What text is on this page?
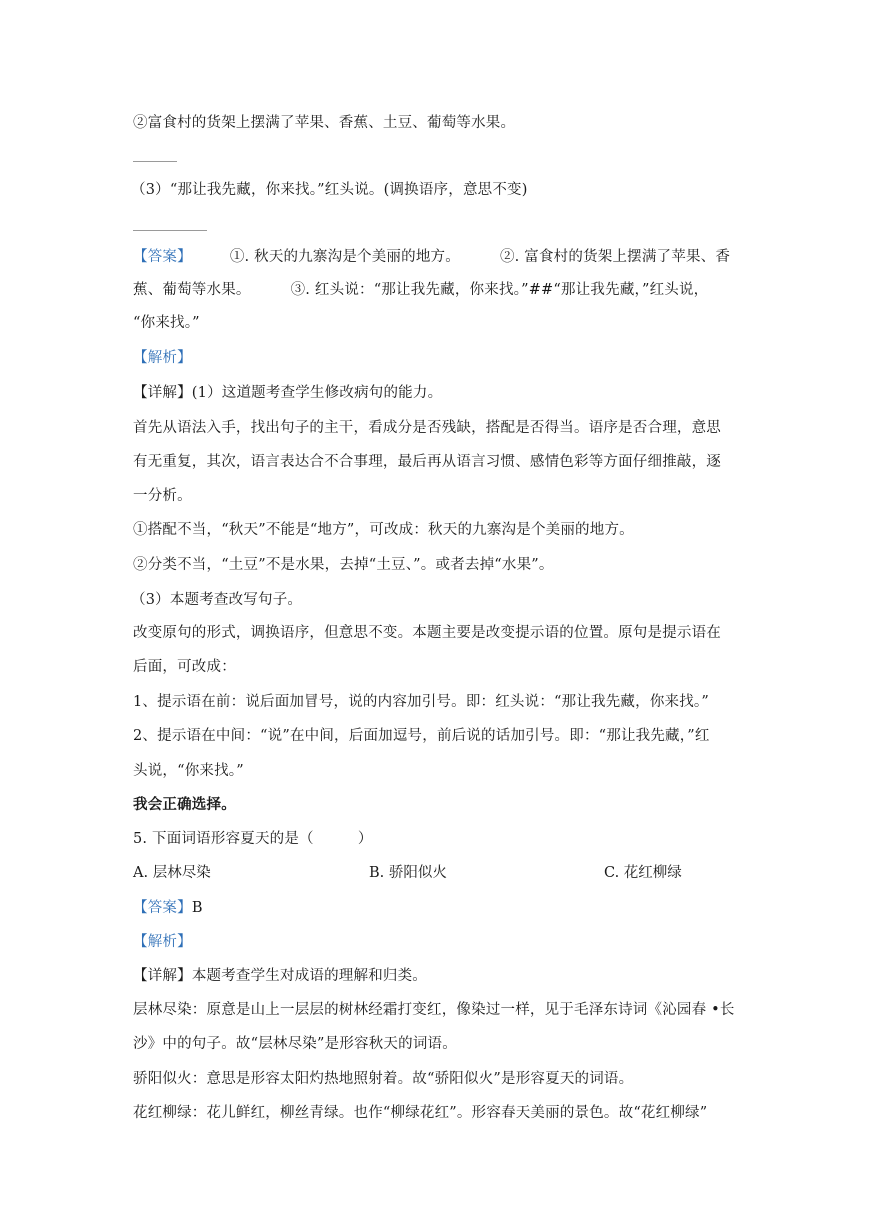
②富食村的货架上摆满了苹果、香蕉、土豆、葡萄等水果。
（3）“那让我先藏，你来找。”红头说。(调换语序，意思不变)
【答案】	①. 秋天的九寨沟是个美丽的地方。	②. 富食村的货架上摆满了苹果、香
蕉、葡萄等水果。	③. 红头说：“那让我先藏，你来找。”##“那让我先藏，”红头说，
“你来找。”
【解析】
【详解】(1）这道题考查学生修改病句的能力。
首先从语法入手，找出句子的主干，看成分是否残缺，搭配是否得当。语序是否合理，意思
有无重复，其次，语言表达合不合事理，最后再从语言习惯、感情色彩等方面仔细推敲，逐
一分析。
①搭配不当，“秋天”不能是“地方”，可改成：秋天的九寨沟是个美丽的地方。
②分类不当，“土豆”不是水果，去掉“土豆、”。或者去掉“水果”。
（3）本题考查改写句子。
改变原句的形式，调换语序，但意思不变。本题主要是改变提示语的位置。原句是提示语在
后面，可改成：
1、提示语在前：说后面加冒号，说的内容加引号。即：红头说：“那让我先藏，你来找。”
2、提示语在中间：“说”在中间，后面加逗号，前后说的话加引号。即：“那让我先藏，”红
头说，“你来找。”
我会正确选择。
5. 下面词语形容夏天的是（　　　）
A. 层林尽染	B. 骄阳似火	C. 花红柳绿
【答案】B
【解析】
【详解】本题考查学生对成语的理解和归类。
层林尽染：原意是山上一层层的树林经霜打变红，像染过一样，见于毛泽东诗词《沁园春 •长
沙》中的句子。故“层林尽染”是形容秋天的词语。
骄阳似火：意思是形容太阳灼热地照射着。故“骄阳似火”是形容夏天的词语。
花红柳绿：花儿鲜红，柳丝青绿。也作“柳绿花红”。形容春天美丽的景色。故“花红柳绿”
